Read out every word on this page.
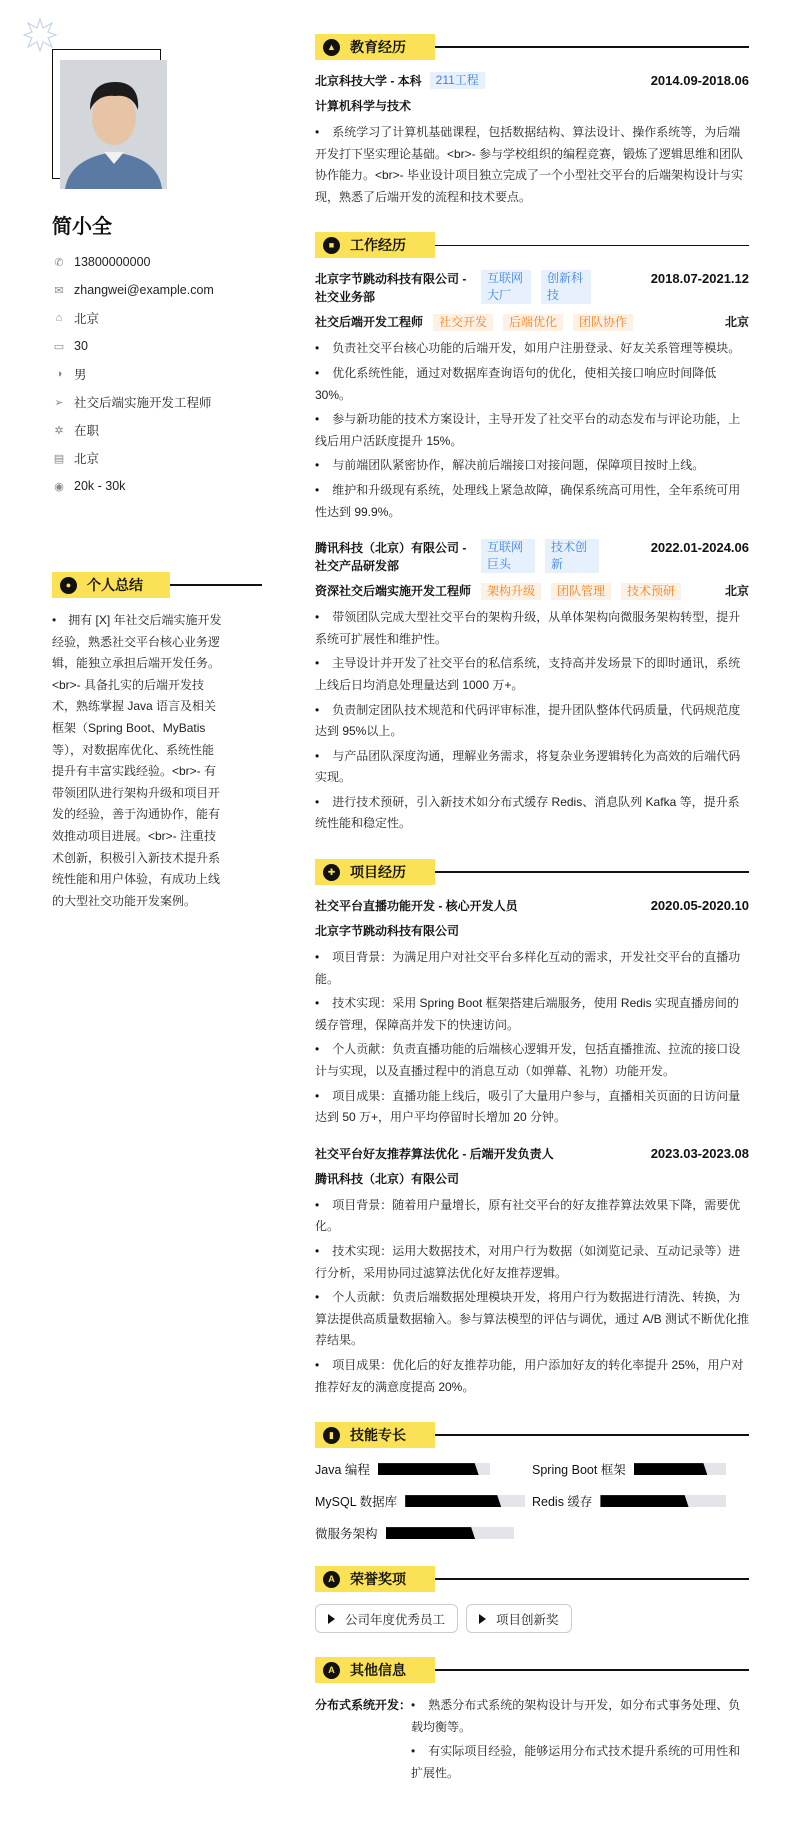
简小全
✆ 13800000000
✉ zhangwei@example.com
⌂ 北京
▭ 30
◑ 男
➢ 社交后端实施开发工程师
✲ 在职
▤ 北京
◉ 20k - 30k
●	个人总结
• 拥有 [X] 年社交后端实施开发经验，熟悉社交平台核心业务逻辑，能独立承担后端开发任务。<br>- 具备扎实的后端开发技术，熟练掌握 Java 语言及相关框架（Spring Boot、MyBatis 等），对数据库优化、系统性能提升有丰富实践经验。<br>- 有带领团队进行架构升级和项目开发的经验，善于沟通协作，能有效推动项目进展。<br>- 注重技术创新，积极引入新技术提升系统性能和用户体验，有成功上线的大型社交功能开发案例。
▲ 教育经历
北京科技大学 - 本科	211工程	2014.09-2018.06
计算机科学与技术
• 系统学习了计算机基础课程，包括数据结构、算法设计、操作系统等，为后端开发打下坚实理论基础。<br>- 参与学校组织的编程竞赛，锻炼了逻辑思维和团队协作能力。<br>- 毕业设计项目独立完成了一个小型社交平台的后端架构设计与实现，熟悉了后端开发的流程和技术要点。
■	工作经历
北京字节跳动科技有限公司 - 社交业务部
互联网大厂
创新科技
2018.07-2021.12
社交后端开发工程师	社交开发	后端优化	团队协作	北京
• 负责社交平台核心功能的后端开发，如用户注册登录、好友关系管理等模块。
• 优化系统性能，通过对数据库查询语句的优化，使相关接口响应时间降低 30%。
• 参与新功能的技术方案设计，主导开发了社交平台的动态发布与评论功能，上线后用户活跃度提升 15%。
• 与前端团队紧密协作，解决前后端接口对接问题，保障项目按时上线。
• 维护和升级现有系统，处理线上紧急故障，确保系统高可用性，全年系统可用性达到 99.9%。
腾讯科技（北京）有限公司 - 社交产品研发部
互联网巨头
技术创新
2022.01-2024.06
资深社交后端实施开发工程师	架构升级	团队管理	技术预研	北京
• 带领团队完成大型社交平台的架构升级，从单体架构向微服务架构转型，提升系统可扩展性和维护性。
• 主导设计并开发了社交平台的私信系统，支持高并发场景下的即时通讯，系统上线后日均消息处理量达到 1000 万+。
• 负责制定团队技术规范和代码评审标准，提升团队整体代码质量，代码规范度达到 95%以上。
• 与产品团队深度沟通，理解业务需求，将复杂业务逻辑转化为高效的后端代码实现。
• 进行技术预研，引入新技术如分布式缓存 Redis、消息队列 Kafka 等，提升系统性能和稳定性。
✚	项目经历
社交平台直播功能开发 - 核心开发人员	2020.05-2020.10
北京字节跳动科技有限公司
• 项目背景：为满足用户对社交平台多样化互动的需求，开发社交平台的直播功能。
• 技术实现：采用 Spring Boot 框架搭建后端服务，使用 Redis 实现直播房间的缓存管理，保障高并发下的快速访问。
• 个人贡献：负责直播功能的后端核心逻辑开发，包括直播推流、拉流的接口设计与实现，以及直播过程中的消息互动（如弹幕、礼物）功能开发。
• 项目成果：直播功能上线后，吸引了大量用户参与，直播相关页面的日访问量达到 50 万+，用户平均停留时长增加 20 分钟。
社交平台好友推荐算法优化 - 后端开发负责人	2023.03-2023.08
腾讯科技（北京）有限公司
• 项目背景：随着用户量增长，原有社交平台的好友推荐算法效果下降，需要优化。
• 技术实现：运用大数据技术，对用户行为数据（如浏览记录、互动记录等）进行分析，采用协同过滤算法优化好友推荐逻辑。
• 个人贡献：负责后端数据处理模块开发，将用户行为数据进行清洗、转换，为算法提供高质量数据输入。参与算法模型的评估与调优，通过 A/B 测试不断优化推荐结果。
• 项目成果：优化后的好友推荐功能，用户添加好友的转化率提升 25%，用户对推荐好友的满意度提高 20%。
▮	技能专长
Java 编程	Spring Boot 框架
MySQL 数据库	Redis 缓存
微服务架构
A	荣誉奖项
公司年度优秀员工	项目创新奖
A	其他信息
分布式系统开发： • 熟悉分布式系统的架构设计与开发，如分布式事务处理、负载均衡等。
• 有实际项目经验，能够运用分布式技术提升系统的可用性和扩展性。
